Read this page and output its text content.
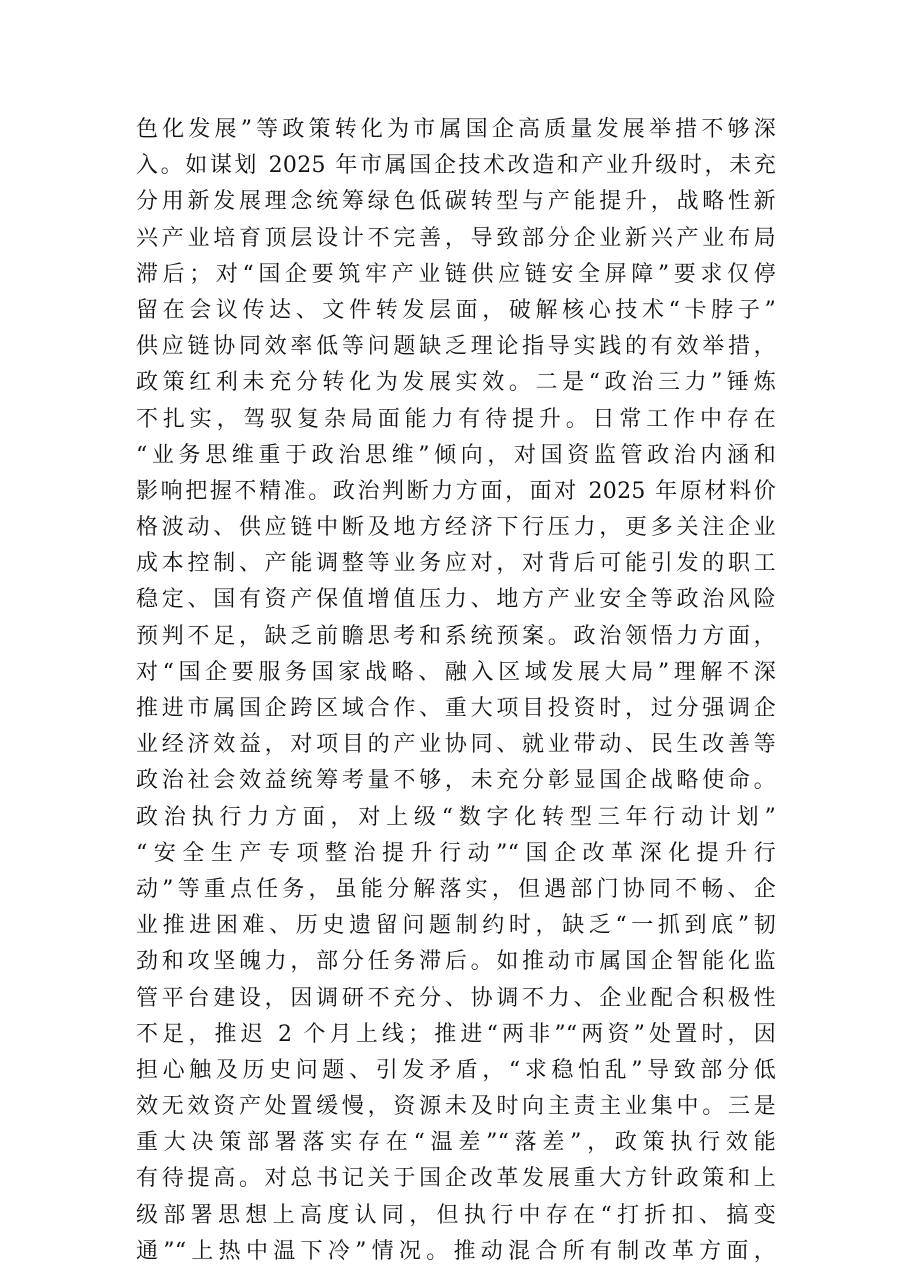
色化发展”等政策转化为市属国企高质量发展举措不够深
入。如谋划 2025 年市属国企技术改造和产业升级时，未充
分用新发展理念统筹绿色低碳转型与产能提升，战略性新
兴产业培育顶层设计不完善，导致部分企业新兴产业布局
滞后；对“国企要筑牢产业链供应链安全屏障”要求仅停
留在会议传达、文件转发层面，破解核心技术“卡脖子”
供应链协同效率低等问题缺乏理论指导实践的有效举措，
政策红利未充分转化为发展实效。二是“政治三力”锤炼
不扎实，驾驭复杂局面能力有待提升。日常工作中存在
“业务思维重于政治思维”倾向，对国资监管政治内涵和
影响把握不精准。政治判断力方面，面对 2025 年原材料价
格波动、供应链中断及地方经济下行压力，更多关注企业
成本控制、产能调整等业务应对，对背后可能引发的职工
稳定、国有资产保值增值压力、地方产业安全等政治风险
预判不足，缺乏前瞻思考和系统预案。政治领悟力方面，
对“国企要服务国家战略、融入区域发展大局”理解不深
推进市属国企跨区域合作、重大项目投资时，过分强调企
业经济效益，对项目的产业协同、就业带动、民生改善等
政治社会效益统筹考量不够，未充分彰显国企战略使命。
政治执行力方面，对上级“数字化转型三年行动计划”
“安全生产专项整治提升行动”“国企改革深化提升行
动”等重点任务，虽能分解落实，但遇部门协同不畅、企
业推进困难、历史遗留问题制约时，缺乏“一抓到底”韧
劲和攻坚魄力，部分任务滞后。如推动市属国企智能化监
管平台建设，因调研不充分、协调不力、企业配合积极性
不足，推迟 2 个月上线；推进“两非”“两资”处置时，因
担心触及历史问题、引发矛盾，“求稳怕乱”导致部分低
效无效资产处置缓慢，资源未及时向主责主业集中。三是
重大决策部署落实存在“温差”“落差”，政策执行效能
有待提高。对总书记关于国企改革发展重大方针政策和上
级部署思想上高度认同，但执行中存在“打折扣、搞变
通”“上热中温下冷”情况。推动混合所有制改革方面，
